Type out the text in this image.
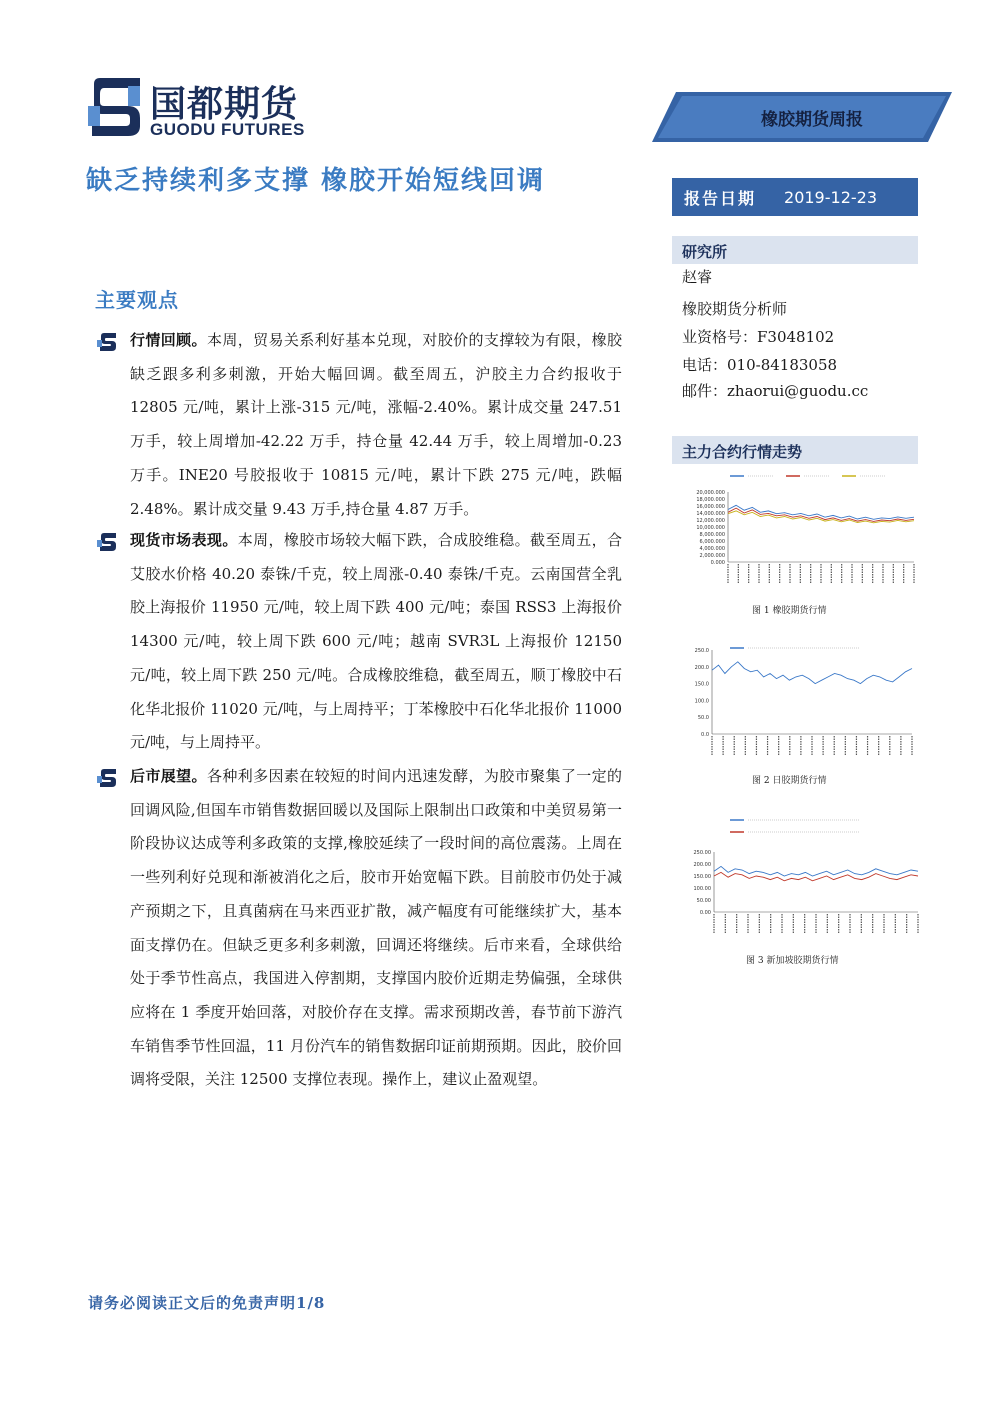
国都期货
GUODU FUTURES	橡胶期货周报
缺乏持续利多支撑 橡胶开始短线回调
报告日期 2019-12-23
研究所
赵睿
橡胶期货分析师
业资格号：F3048102
电话：010-84183058
邮件：zhaorui@guodu.cc
主力合约行情走势
主要观点
行情回顾。本周，贸易关系利好基本兑现，对胶价的支撑较为有限，橡胶缺乏跟多利多刺激，开始大幅回调。截至周五，沪胶主力合约报收于 12805 元/吨，累计上涨-315 元/吨，涨幅-2.40%。累计成交量 247.51 万手，较上周增加-42.22 万手，持仓量 42.44 万手，较上周增加-0.23 万手。INE20 号胶报收于 10815 元/吨，累计下跌 275 元/吨，跌幅 2.48%。累计成交量 9.43 万手,持仓量 4.87 万手。
现货市场表现。本周，橡胶市场较大幅下跌，合成胶维稳。截至周五，合艾胶水价格 40.20 泰铢/千克，较上周涨-0.40 泰铢/千克。云南国营全乳胶上海报价 11950 元/吨，较上周下跌 400 元/吨；泰国 RSS3 上海报价 14300 元/吨，较上周下跌 600 元/吨；越南 SVR3L 上海报价 12150 元/吨，较上周下跌 250 元/吨。合成橡胶维稳，截至周五，顺丁橡胶中石化华北报价 11020 元/吨，与上周持平；丁苯橡胶中石化华北报价 11000 元/吨，与上周持平。
后市展望。各种利多因素在较短的时间内迅速发酵，为胶市聚集了一定的回调风险,但国车市销售数据回暖以及国际上限制出口政策和中美贸易第一阶段协议达成等利多政策的支撑,橡胶延续了一段时间的高位震荡。上周在一些列利好兑现和渐被消化之后，胶市开始宽幅下跌。目前胶市仍处于减产预期之下，且真菌病在马来西亚扩散，减产幅度有可能继续扩大，基本面支撑仍在。但缺乏更多利多刺激，回调还将继续。后市来看，全球供给处于季节性高点，我国进入停割期，支撑国内胶价近期走势偏强，全球供应将在 1 季度开始回落，对胶价存在支撑。需求预期改善，春节前下游汽车销售季节性回温，11 月份汽车的销售数据印证前期预期。因此，胶价回调将受限，关注 12500 支撑位表现。操作上，建议止盈观望。
20,000.000
18,000.000
16,000.000
14,000.000
12,000.000
10,000.000
8,000.000
6,000.000
4,000.000
2,000.000
0.000
图 1 橡胶期货行情
250.0
200.0
150.0
100.0
50.0
0.0
图 2 日胶期货行情
250.00
200.00
150.00
100.00
50.00
0.00
图 3 新加坡胶期货行情
请务必阅读正文后的免责声明1/8
